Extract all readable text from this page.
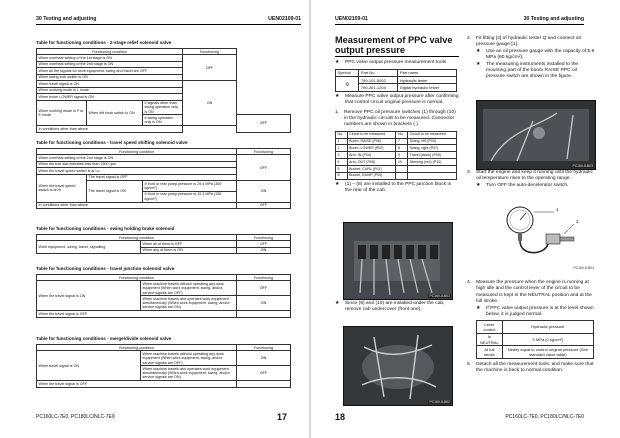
30 Testing and adjusting	UEN02109-01
Table for functioning conditions - 2-stage relief solenoid valve
Functioning condition			Functioning	
When overheat setting of the 1st stage is ON			OFF	
When overheat setting of the 2nd stage is ON				
When all the signals for work equipment, swing and travel are OFF				
When swing lock switch is ON				
When travel signal is ON			ON	
When working mode is L mode				
When boom LOWER signal is ON				
When working mode is P or E mode	When left knob switch is ON	If signals other than swing operation only is ON		
		If swing operation only is ON		OFF
In conditions other than above				
Table for functioning conditions - travel speed shifting solenoid valve
Functioning condition			Functioning
When overheat setting of the 2nd stage is ON			OFF
When the fuel dial indicates less than 1500 rpm			
When the travel speed switch is at Lo			
When the travel speed switch is at Hi	The travel signal is OFF		
	The travel signal is ON	If front or rear pump pressure is 29.4 MPa {300 kg/cm²}	ON
		If front or rear pump pressure is 15.3 MPa {156 kg/cm²}	
In conditions other than above			OFF
Table for functioning conditions - swing holding brake solenoid
Functioning condition		Functioning
Work equipment, swing, travel, signalling	When all of them is OFF	OFF
	When any of them is ON	ON
Table for functioning conditions - travel junction solenoid valve
Functioning condition		Functioning
When the travel signal is ON	When machine travels without operating any work equipment (When work equipment, swing, and/or service signals are OFF)	OFF
	When machine travels and operates work equipment simultaneously (When work equipment, swing, and/or service signals are ON)	ON
When the travel signal is OFF		
Table for functioning conditions - merge/divide solenoid valve
Functioning condition		Functioning
When travel signal is ON	When machine travels without operating any work equipment (When work equipment, swing, and/or service signals are OFF)	ON
	When machine travels and operates work equipment simultaneously (When work equipment, swing, and/or service signals are ON)	OFF
When the travel signal is OFF		
PC160LC-7E0, PC180LC/NLC-7E0	17
UEN02109-01	30 Testing and adjusting
Measurement of PPC valve output pressure
★	PPC valve output pressure measurement tools
Symbol	Part No.	Part name
Q	799-101-5002	Hydraulic tester
	790-261-1204	Digital hydraulic tester
★	Measure PPC valve output pressure after confirming that control circuit original pressure is normal.
1.	Remove PPC oil pressure switches (1) through (10) in the hydraulic circuits to be measured. Connector numbers are shown in brackets ( ).
No.	Circuit to be measured	No.	Circuit to be measured
1	Boom, RAISE (P06)	7	Swing, left (P03)
2	Boom, LOWER (P02)	8	Swing, right (P07)
3	Arm, IN (P04)	9	Travel (black) (P09)
4	Arm, OUT (P08)	10	Steering (red) (P10)
5	Bucket, CURL (P01)		
6	Bucket, DUMP (P05)		
★	(1) – (8) are installed to the PPC junction block in the rear of the cab.
PC160-8-B01
★	Since (9) and (10) are installed under the cab, remove cab undercover (front one).
PC160-8-B02
2.	Fit fitting [2] of hydraulic tester Q and connect oil pressure gauge [1].
★	Use an oil pressure gauge with the capacity of 5.9 MPa {60 kg/cm²}.
★	The measuring instruments installed to the mounting part of the boom RAISE PPC oil pressure switch are shown in the figure.
PC160-8-B03
3.	Start the engine and keep it running until the hydraulic oil temperature rises to the operating range.
★	Turn OFF the auto-decelerator switch.
1
2
PC160-8-B04
4.	Measure the pressure when the engine is running at high idle and the control lever of the circuit to be measured is kept in the NEUTRAL position and at the full stroke.
★	If PPC valve output pressure is at the level shown below, it is judged normal.
Lever control	Hydraulic pressure
In NEUTRAL	0 MPa {0 kg/cm²}
At full stroke	Nearly equal to control original pressure (See standard value table)
5.	Detach all the measurement tools, and make sure that the machine is back to normal condition.
18	PC160LC-7E0, PC180LC/NLC-7E0
